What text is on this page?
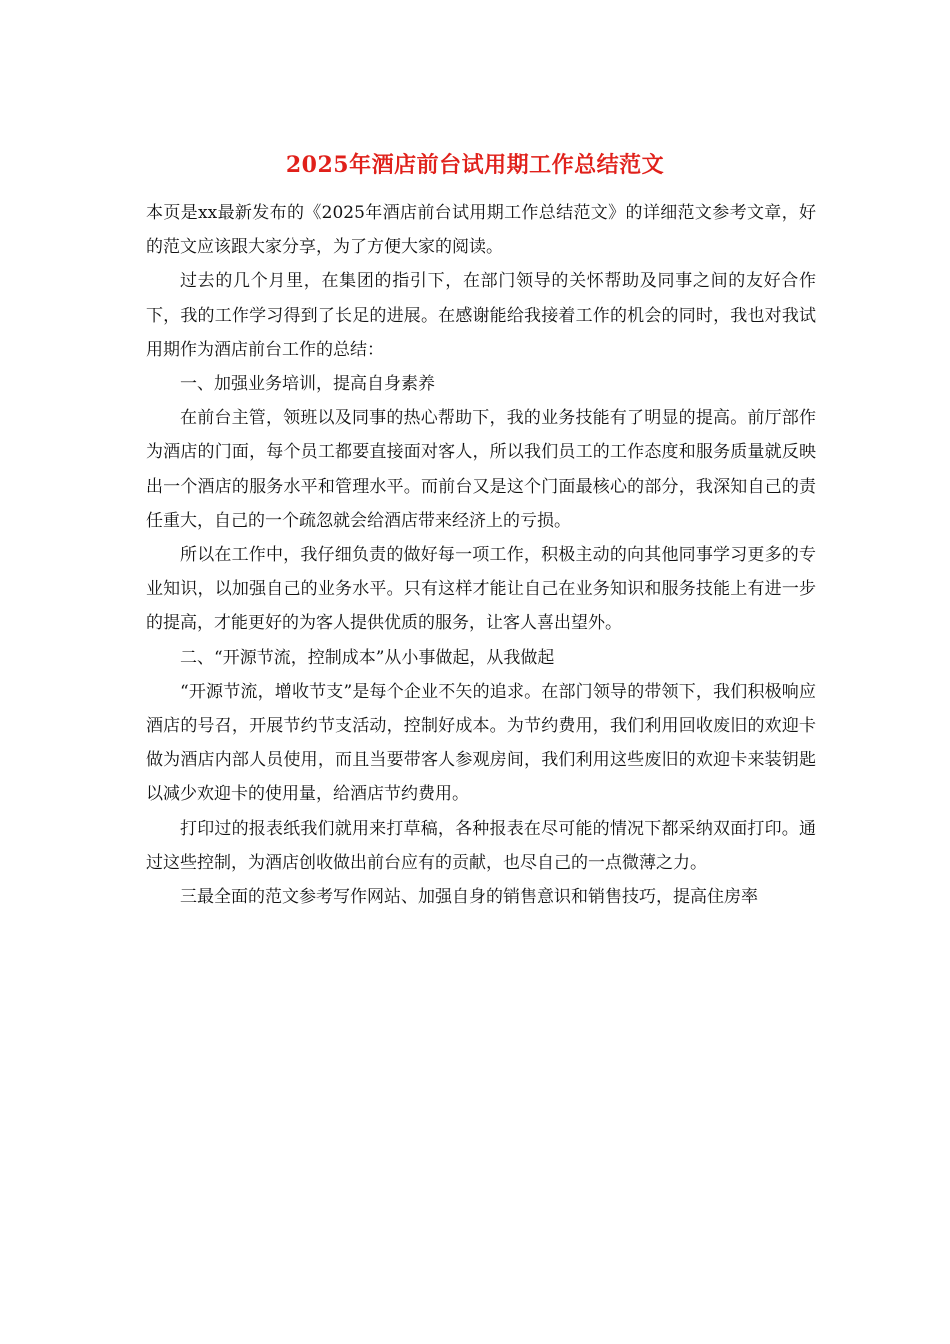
2025年酒店前台试用期工作总结范文

本页是xx最新发布的《2025年酒店前台试用期工作总结范文》的详细范文参考文章，好的范文应该跟大家分享，为了方便大家的阅读。

过去的几个月里，在集团的指引下，在部门领导的关怀帮助及同事之间的友好合作下，我的工作学习得到了长足的进展。在感谢能给我接着工作的机会的同时，我也对我试用期作为酒店前台工作的总结：

一、加强业务培训，提高自身素养

在前台主管，领班以及同事的热心帮助下，我的业务技能有了明显的提高。前厅部作为酒店的门面，每个员工都要直接面对客人，所以我们员工的工作态度和服务质量就反映出一个酒店的服务水平和管理水平。而前台又是这个门面最核心的部分，我深知自己的责任重大，自己的一个疏忽就会给酒店带来经济上的亏损。

所以在工作中，我仔细负责的做好每一项工作，积极主动的向其他同事学习更多的专业知识，以加强自己的业务水平。只有这样才能让自己在业务知识和服务技能上有进一步的提高，才能更好的为客人提供优质的服务，让客人喜出望外。

二、“开源节流，控制成本”从小事做起，从我做起

“开源节流，增收节支”是每个企业不矢的追求。在部门领导的带领下，我们积极响应酒店的号召，开展节约节支活动，控制好成本。为节约费用，我们利用回收废旧的欢迎卡做为酒店内部人员使用，而且当要带客人参观房间，我们利用这些废旧的欢迎卡来装钥匙以减少欢迎卡的使用量，给酒店节约费用。

打印过的报表纸我们就用来打草稿，各种报表在尽可能的情况下都采纳双面打印。通过这些控制，为酒店创收做出前台应有的贡献，也尽自己的一点微薄之力。

三最全面的范文参考写作网站、加强自身的销售意识和销售技巧，提高住房率
